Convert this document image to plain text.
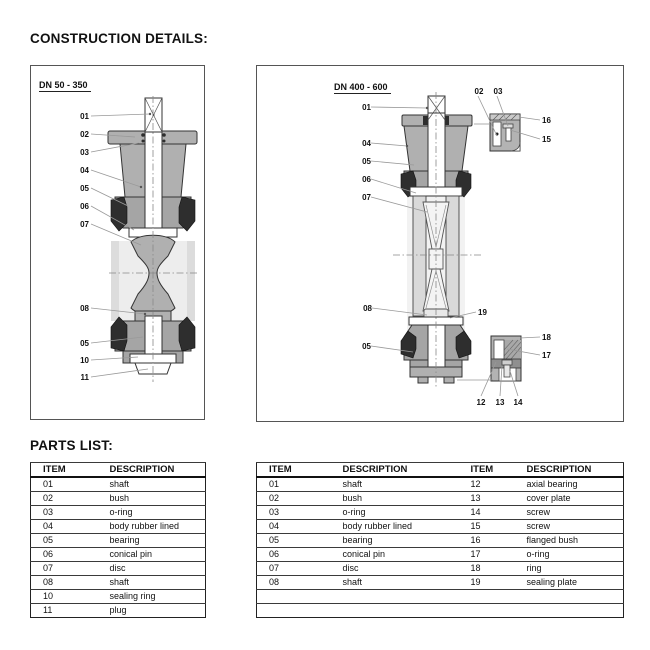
CONSTRUCTION DETAILS:
DN 50 - 350
01
02
03
04
05
06
07
08
05
10
11
DN 400 - 600
01
04
05
06
07
02	03
16
15
08	19
05
18
17
12	13	14
PARTS LIST:
ITEM	DESCRIPTION
01	shaft
02	bush
03	o-ring
04	body rubber lined
05	bearing
06	conical pin
07	disc
08	shaft
10	sealing ring
11	plug
ITEM	DESCRIPTION	ITEM	DESCRIPTION
01	shaft	12	axial bearing
02	bush	13	cover plate
03	o-ring	14	screw
04	body rubber lined	15	screw
05	bearing	16	flanged bush
06	conical pin	17	o-ring
07	disc	18	ring
08	shaft	19	sealing plate
